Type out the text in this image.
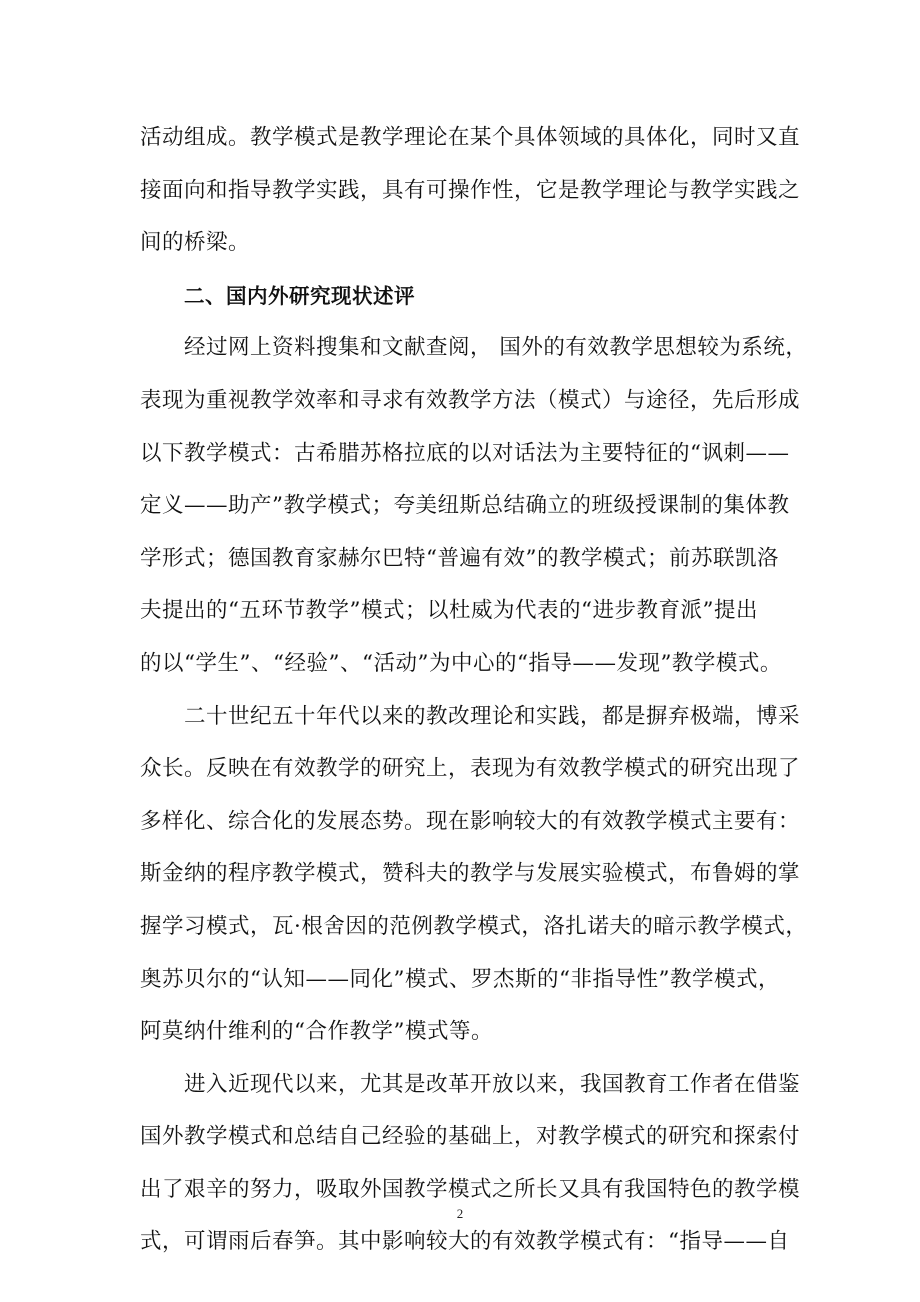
活动组成。教学模式是教学理论在某个具体领域的具体化，同时又直
接面向和指导教学实践，具有可操作性，它是教学理论与教学实践之
间的桥梁。
二、国内外研究现状述评
经过网上资料搜集和文献查阅， 国外的有效教学思想较为系统，
表现为重视教学效率和寻求有效教学方法（模式）与途径，先后形成
以下教学模式：古希腊苏格拉底的以对话法为主要特征的“讽刺——
定义——助产”教学模式；夸美纽斯总结确立的班级授课制的集体教
学形式；德国教育家赫尔巴特“普遍有效”的教学模式；前苏联凯洛
夫提出的“五环节教学”模式；以杜威为代表的“进步教育派”提出
的以“学生”、“经验”、“活动”为中心的“指导——发现”教学模式。
二十世纪五十年代以来的教改理论和实践，都是摒弃极端，博采
众长。反映在有效教学的研究上，表现为有效教学模式的研究出现了
多样化、综合化的发展态势。现在影响较大的有效教学模式主要有：
斯金纳的程序教学模式，赞科夫的教学与发展实验模式，布鲁姆的掌
握学习模式，瓦·根舍因的范例教学模式，洛扎诺夫的暗示教学模式，
奥苏贝尔的“认知——同化”模式、罗杰斯的“非指导性”教学模式，
阿莫纳什维利的“合作教学”模式等。
进入近现代以来，尤其是改革开放以来，我国教育工作者在借鉴
国外教学模式和总结自己经验的基础上，对教学模式的研究和探索付
出了艰辛的努力，吸取外国教学模式之所长又具有我国特色的教学模
式，可谓雨后春笋。其中影响较大的有效教学模式有：“指导——自
2
